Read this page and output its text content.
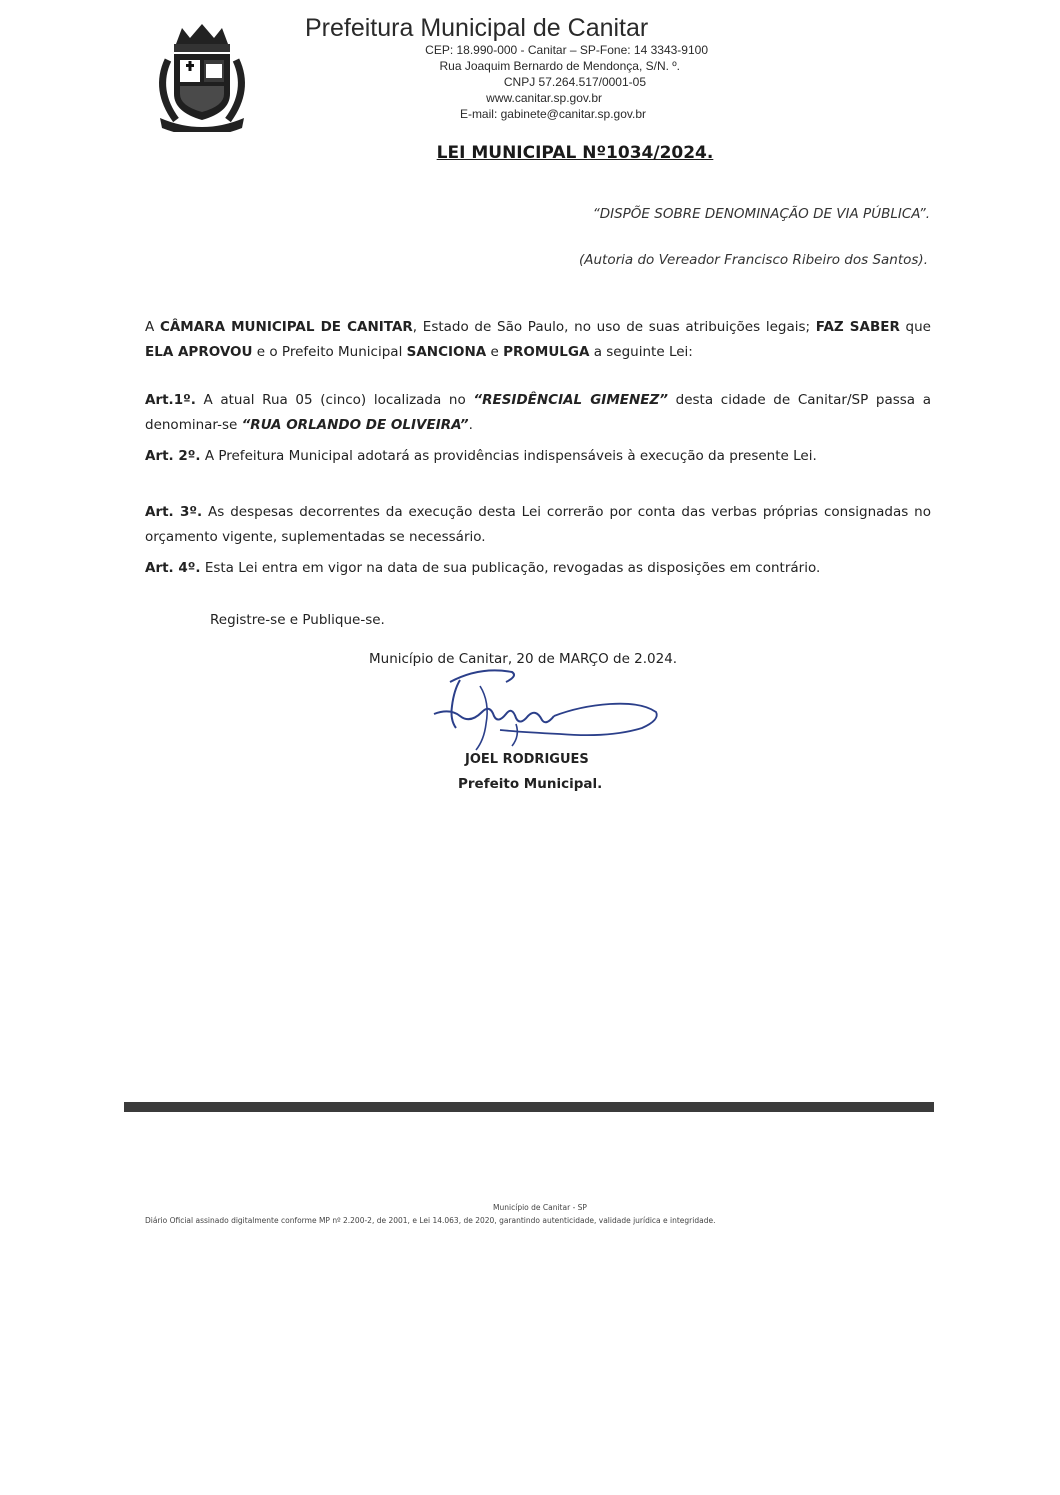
Prefeitura Municipal de Canitar
CEP: 18.990-000 - Canitar – SP-Fone: 14 3343-9100
Rua Joaquim Bernardo de Mendonça, S/N. º.
CNPJ 57.264.517/0001-05
www.canitar.sp.gov.br
E-mail: gabinete@canitar.sp.gov.br
LEI MUNICIPAL Nº1034/2024.
“DISPÕE SOBRE DENOMINAÇÃO DE VIA PÚBLICA”.
(Autoria do Vereador Francisco Ribeiro dos Santos).
A CÂMARA MUNICIPAL DE CANITAR, Estado de São Paulo, no uso de suas atribuições legais; FAZ SABER que ELA APROVOU e o Prefeito Municipal SANCIONA e PROMULGA a seguinte Lei:
Art.1º. A atual Rua 05 (cinco) localizada no “RESIDÊNCIAL GIMENEZ” desta cidade de Canitar/SP passa a denominar-se “RUA ORLANDO DE OLIVEIRA”.
Art. 2º. A Prefeitura Municipal adotará as providências indispensáveis à execução da presente Lei.
Art. 3º. As despesas decorrentes da execução desta Lei correrão por conta das verbas próprias consignadas no orçamento vigente, suplementadas se necessário.
Art. 4º. Esta Lei entra em vigor na data de sua publicação, revogadas as disposições em contrário.
Registre-se e Publique-se.
Município de Canitar, 20 de MARÇO de 2.024.
JOEL RODRIGUES
Prefeito Municipal.
Município de Canitar - SP
Diário Oficial assinado digitalmente conforme MP nº 2.200-2, de 2001, e Lei 14.063, de 2020, garantindo autenticidade, validade jurídica e integridade.
